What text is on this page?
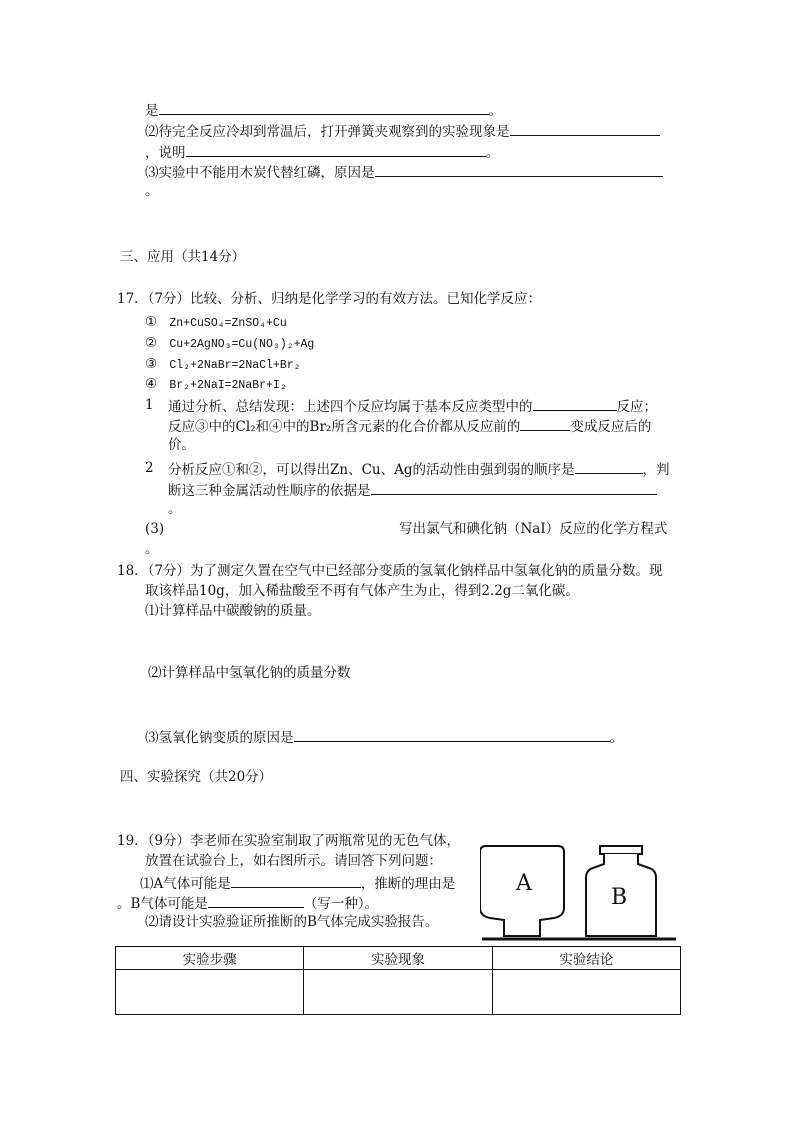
是	。
⑵待完全反应冷却到常温后，打开弹簧夹观察到的实验现象是
，说明	。
⑶实验中不能用木炭代替红磷，原因是
。
三、应用（共14分）
17．（7分）比较、分析、归纳是化学学习的有效方法。已知化学反应：
① Zn+CuSO₄=ZnSO₄+Cu
② Cu+2AgNO₃=Cu(NO₃)₂+Ag
③ Cl₂+2NaBr=2NaCl+Br₂
④ Br₂+2NaI=2NaBr+I₂
1 通过分析、总结发现：上述四个反应均属于基本反应类型中的	反应；
反应③中的Cl₂和④中的Br₂所含元素的化合价都从反应前的	变成反应后的
价。
2 分析反应①和②，可以得出Zn、Cu、Ag的活动性由强到弱的顺序是	，判
断这三种金属活动性顺序的依据是
。
(3)	写出氯气和碘化钠（NaI）反应的化学方程式
。
18．（7分）为了测定久置在空气中已经部分变质的氢氧化钠样品中氢氧化钠的质量分数。现
取该样品10g，加入稀盐酸至不再有气体产生为止，得到2.2g二氧化碳。
⑴计算样品中碳酸钠的质量。
⑵计算样品中氢氧化钠的质量分数
⑶氢氧化钠变质的原因是	。
四、实验探究（共20分）
19．（9分）李老师在实验室制取了两瓶常见的无色气体，
放置在试验台上，如右图所示。请回答下列问题：
⑴A气体可能是	，推断的理由是
。B气体可能是	（写一种）。
⑵请设计实验验证所推断的B气体完成实验报告。
A
B
实验步骤	实验现象	实验结论
